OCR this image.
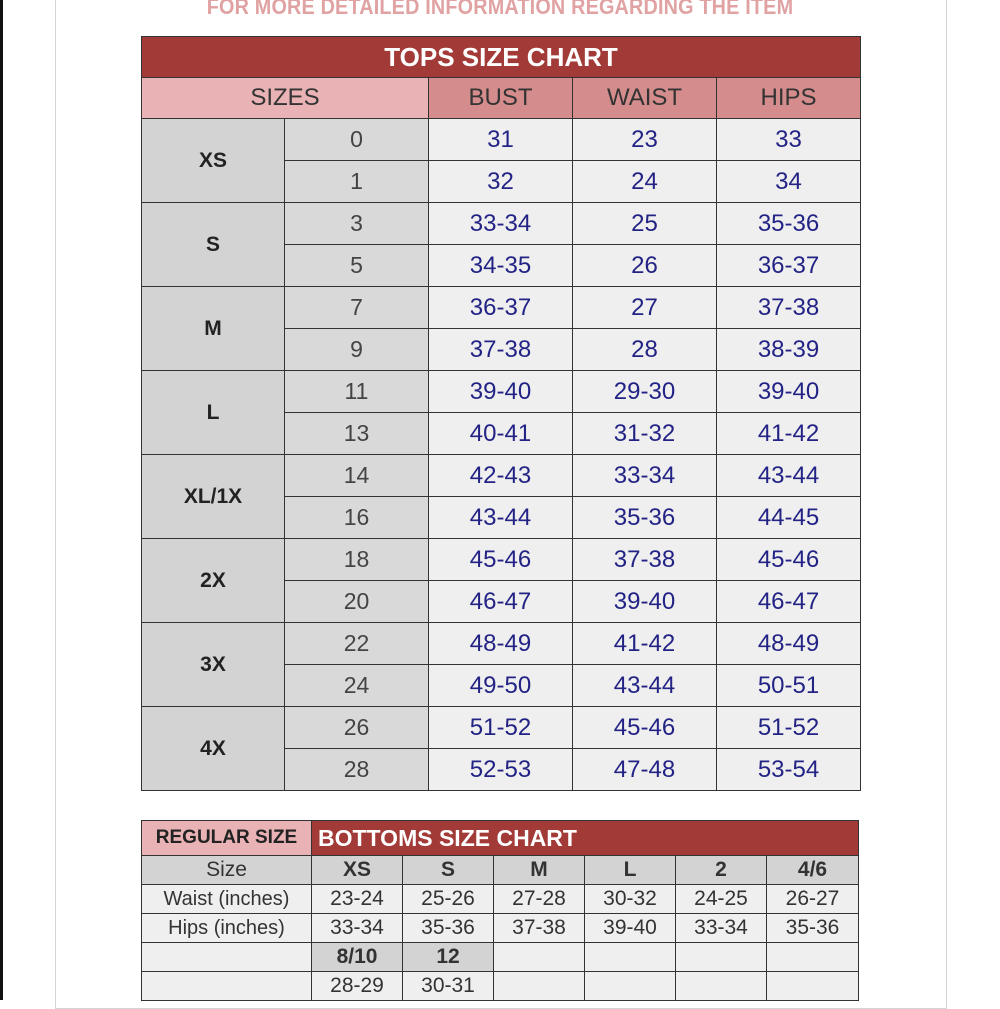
FOR MORE DETAILED INFORMATION REGARDING THE ITEM
TOPS SIZE CHART				
SIZES		BUST	WAIST	HIPS
XS	0	31	23	33
	1	32	24	34
S	3	33-34	25	35-36
	5	34-35	26	36-37
M	7	36-37	27	37-38
	9	37-38	28	38-39
L	11	39-40	29-30	39-40
	13	40-41	31-32	41-42
XL/1X	14	42-43	33-34	43-44
	16	43-44	35-36	44-45
2X	18	45-46	37-38	45-46
	20	46-47	39-40	46-47
3X	22	48-49	41-42	48-49
	24	49-50	43-44	50-51
4X	26	51-52	45-46	51-52
	28	52-53	47-48	53-54
REGULAR SIZE	BOTTOMS SIZE CHART					
Size	XS	S	M	L	2	4/6
Waist (inches)	23-24	25-26	27-28	30-32	24-25	26-27
Hips (inches)	33-34	35-36	37-38	39-40	33-34	35-36
	8/10	12				
	28-29	30-31				
